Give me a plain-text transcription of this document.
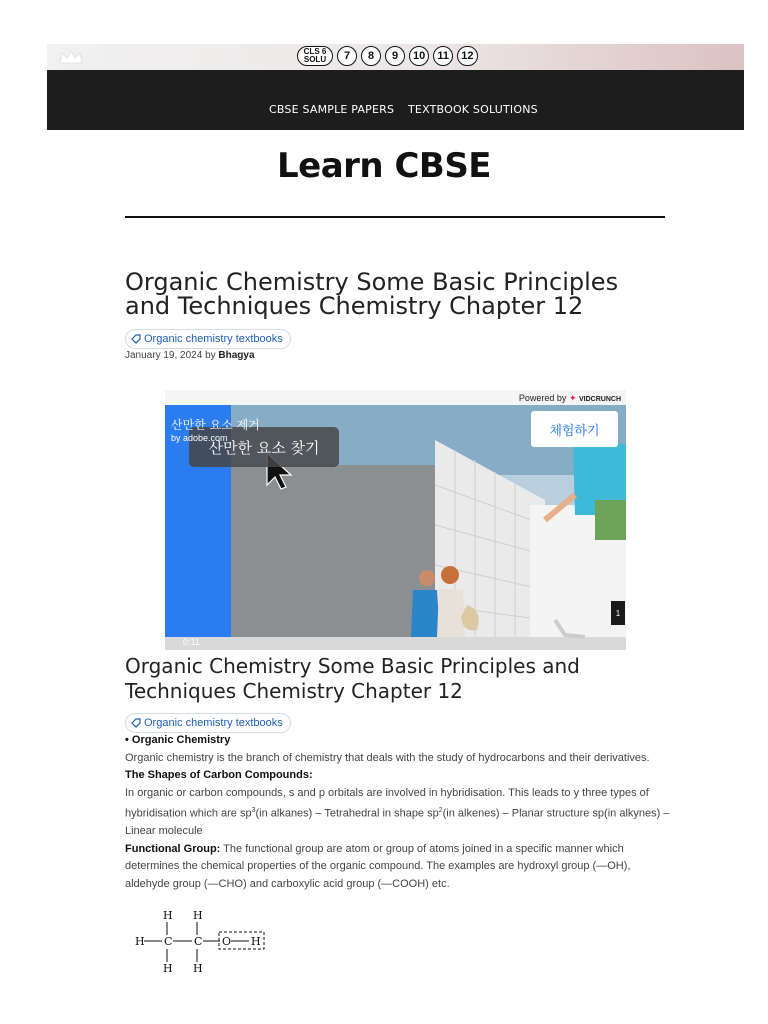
CLS 6
SOLU	7	8	9	10	11	12
CBSE SAMPLE PAPERS TEXTBOOK SOLUTIONS
Learn CBSE
Organic Chemistry Some Basic Principles and Techniques Chemistry Chapter 12
Organic chemistry textbooks
January 19, 2024 by Bhagya
Powered by ✦ VIDCRUNCH
산만한 요소 찾기
산만한 요소 제거
by adobe.com	체험하기
0:11
1
Organic Chemistry Some Basic Principles and Techniques Chemistry Chapter 12
Organic chemistry textbooks

• Organic Chemistry

Organic chemistry is the branch of chemistry that deals with the study of hydrocarbons and their derivatives.

The Shapes of Carbon Compounds:

In organic or carbon compounds, s and p orbitals are involved in hybridisation. This leads to y three types of hybridisation which are $sp^3(in$ alkanes) – Tetrahedral in shape $sp^2(in$ alkenes) – Planar structure sp(in alkynes) – Linear molecule

Functional Group: The functional group are atom or group of atoms joined in a specific manner which determines the chemical properties of the organic compound. The examples are hydroxyl group (—OH), aldehyde group (—CHO) and carboxylic acid group (—COOH) etc.

H H
H C C O H
H H
